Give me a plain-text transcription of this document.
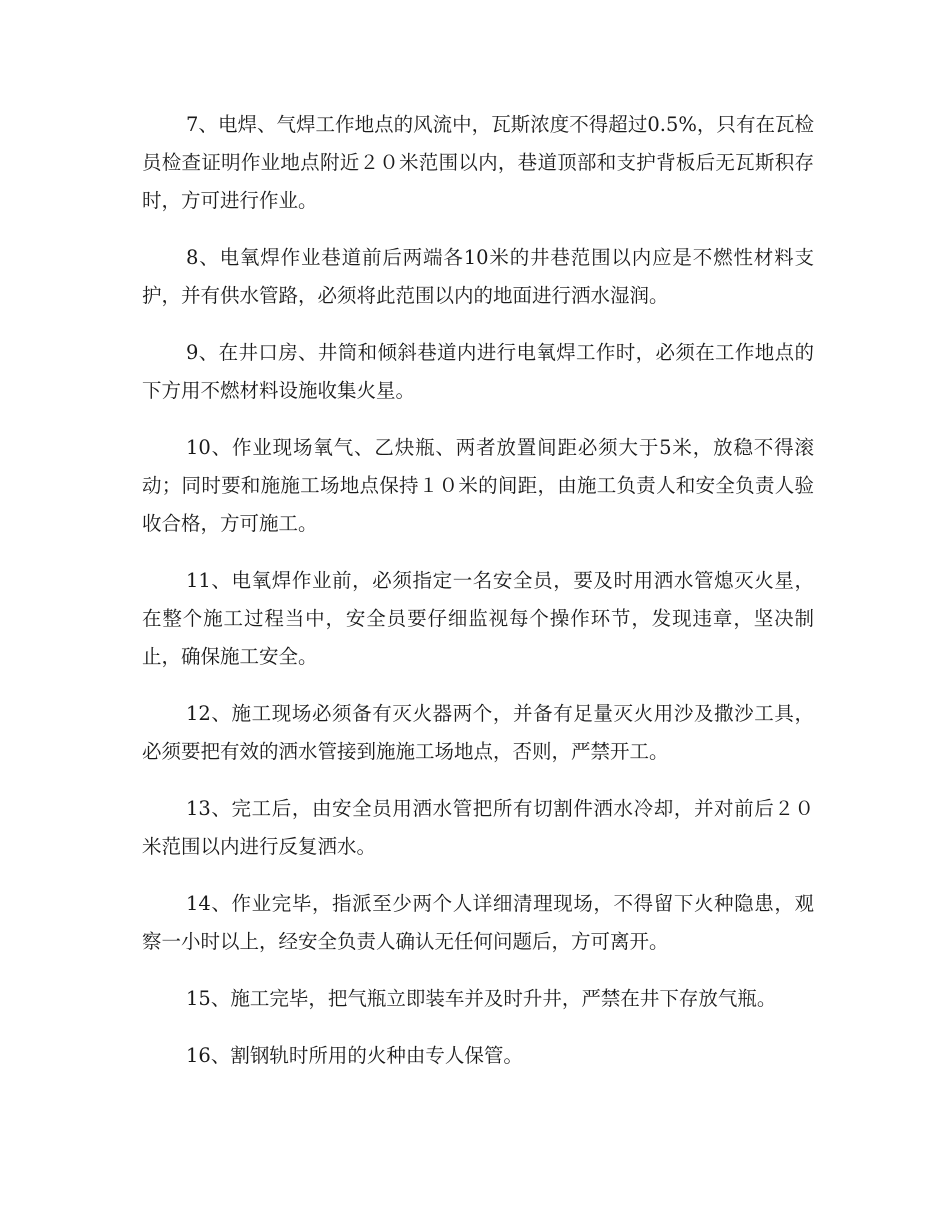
7、电焊、气焊工作地点的风流中，瓦斯浓度不得超过0.5%，只有在瓦检员检查证明作业地点附近２０米范围以内，巷道顶部和支护背板后无瓦斯积存时，方可进行作业。

8、电氧焊作业巷道前后两端各10米的井巷范围以内应是不燃性材料支护，并有供水管路，必须将此范围以内的地面进行洒水湿润。

9、在井口房、井筒和倾斜巷道内进行电氧焊工作时，必须在工作地点的下方用不燃材料设施收集火星。

10、作业现场氧气、乙炔瓶、两者放置间距必须大于5米，放稳不得滚动；同时要和施施工场地点保持１０米的间距，由施工负责人和安全负责人验收合格，方可施工。

11、电氧焊作业前，必须指定一名安全员，要及时用洒水管熄灭火星，在整个施工过程当中，安全员要仔细监视每个操作环节，发现违章，坚决制止，确保施工安全。

12、施工现场必须备有灭火器两个，并备有足量灭火用沙及撒沙工具，必须要把有效的洒水管接到施施工场地点，否则，严禁开工。

13、完工后，由安全员用洒水管把所有切割件洒水冷却，并对前后２０米范围以内进行反复洒水。

14、作业完毕，指派至少两个人详细清理现场，不得留下火种隐患，观察一小时以上，经安全负责人确认无任何问题后，方可离开。

15、施工完毕，把气瓶立即装车并及时升井，严禁在井下存放气瓶。

16、割钢轨时所用的火种由专人保管。
